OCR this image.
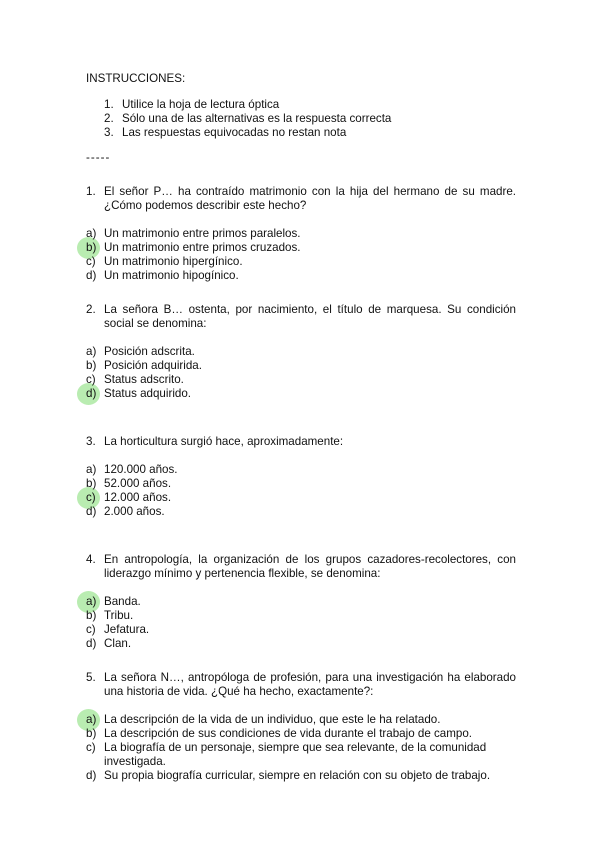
INSTRUCCIONES:
1. Utilice la hoja de lectura óptica
2. Sólo una de las alternativas es la respuesta correcta
3. Las respuestas equivocadas no restan nota
-----
1. El señor P… ha contraído matrimonio con la hija del hermano de su madre. ¿Cómo podemos describir este hecho?
a) Un matrimonio entre primos paralelos.
b) Un matrimonio entre primos cruzados.
c) Un matrimonio hipergínico.
d) Un matrimonio hipogínico.
2. La señora B… ostenta, por nacimiento, el título de marquesa. Su condición social se denomina:
a) Posición adscrita.
b) Posición adquirida.
c) Status adscrito.
d) Status adquirido.
3. La horticultura surgió hace, aproximadamente:
a) 120.000 años.
b) 52.000 años.
c) 12.000 años.
d) 2.000 años.
4. En antropología, la organización de los grupos cazadores-recolectores, con liderazgo mínimo y pertenencia flexible, se denomina:
a) Banda.
b) Tribu.
c) Jefatura.
d) Clan.
5. La señora N…, antropóloga de profesión, para una investigación ha elaborado una historia de vida. ¿Qué ha hecho, exactamente?:
a) La descripción de la vida de un individuo, que este le ha relatado.
b) La descripción de sus condiciones de vida durante el trabajo de campo.
c) La biografía de un personaje, siempre que sea relevante, de la comunidad investigada.
d) Su propia biografía curricular, siempre en relación con su objeto de trabajo.
